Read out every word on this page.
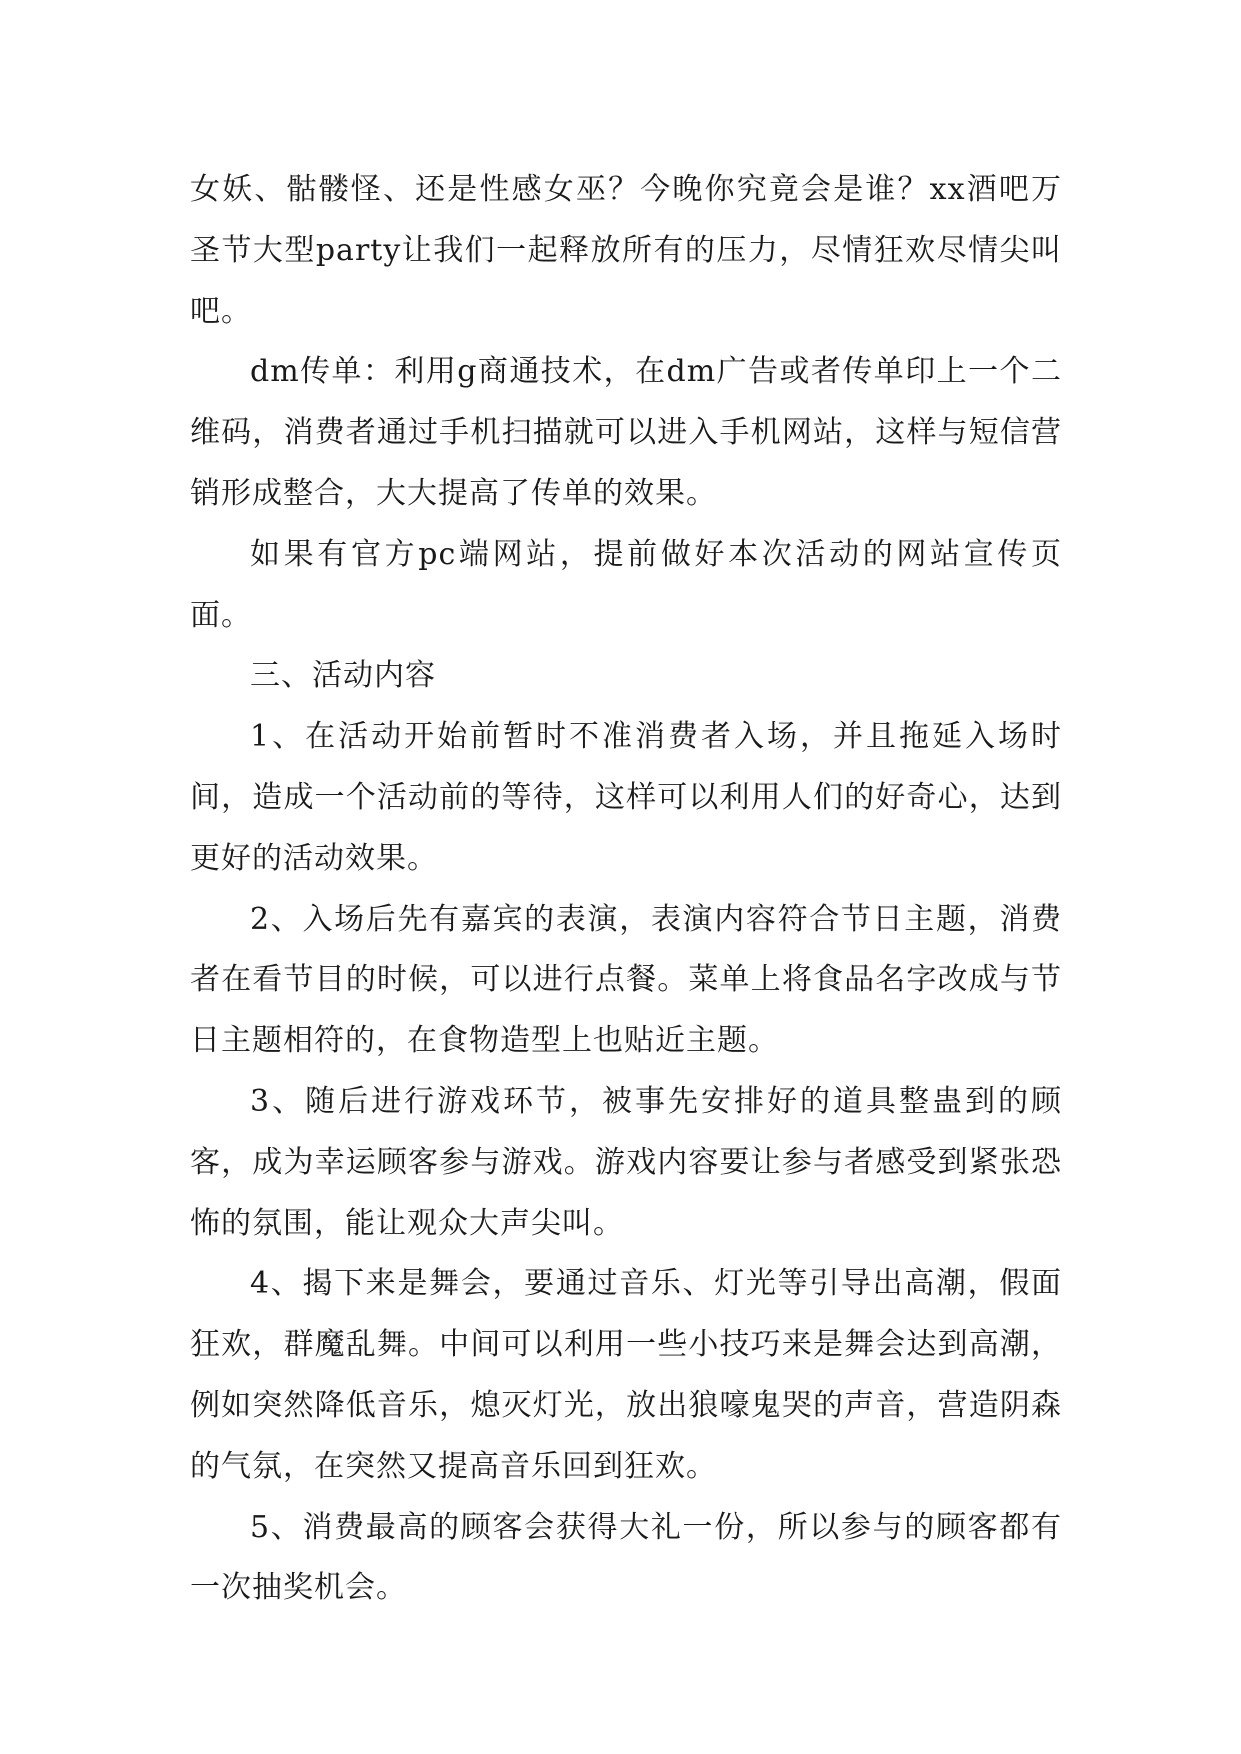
女妖、骷髅怪、还是性感女巫？今晚你究竟会是谁？xx酒吧万圣节大型party让我们一起释放所有的压力，尽情狂欢尽情尖叫吧。

dm传单：利用g商通技术，在dm广告或者传单印上一个二维码，消费者通过手机扫描就可以进入手机网站，这样与短信营销形成整合，大大提高了传单的效果。

如果有官方pc端网站，提前做好本次活动的网站宣传页面。

三、活动内容

1、在活动开始前暂时不准消费者入场，并且拖延入场时间，造成一个活动前的等待，这样可以利用人们的好奇心，达到更好的活动效果。

2、入场后先有嘉宾的表演，表演内容符合节日主题，消费者在看节目的时候，可以进行点餐。菜单上将食品名字改成与节日主题相符的，在食物造型上也贴近主题。

3、随后进行游戏环节，被事先安排好的道具整蛊到的顾客，成为幸运顾客参与游戏。游戏内容要让参与者感受到紧张恐怖的氛围，能让观众大声尖叫。

4、揭下来是舞会，要通过音乐、灯光等引导出高潮，假面狂欢，群魔乱舞。中间可以利用一些小技巧来是舞会达到高潮，例如突然降低音乐，熄灭灯光，放出狼嚎鬼哭的声音，营造阴森的气氛，在突然又提高音乐回到狂欢。

5、消费最高的顾客会获得大礼一份，所以参与的顾客都有一次抽奖机会。
